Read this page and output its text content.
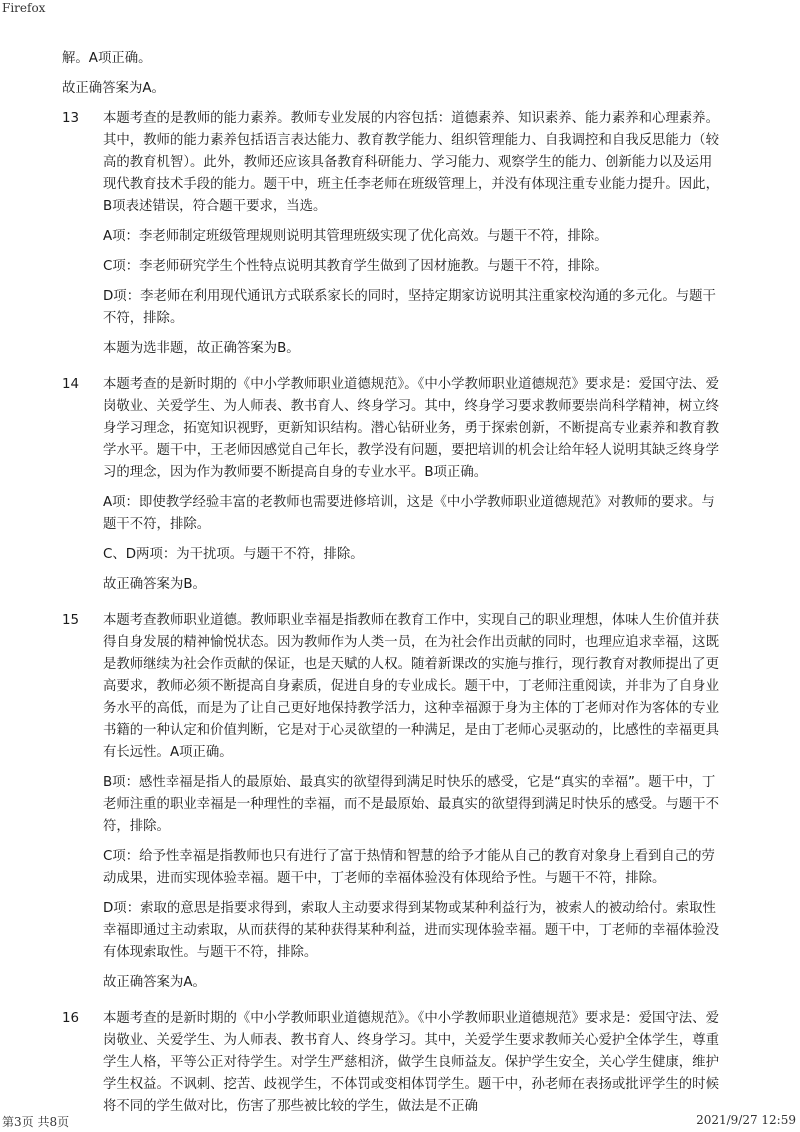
Firefox

解。A项正确。

故正确答案为A。

13	本题考查的是教师的能力素养。教师专业发展的内容包括：道德素养、知识素养、能力素养和心理素养。其中，教师的能力素养包括语言表达能力、教育教学能力、组织管理能力、自我调控和自我反思能力（较高的教育机智）。此外，教师还应该具备教育科研能力、学习能力、观察学生的能力、创新能力以及运用现代教育技术手段的能力。题干中，班主任李老师在班级管理上，并没有体现注重专业能力提升。因此，B项表述错误，符合题干要求，当选。

A项：李老师制定班级管理规则说明其管理班级实现了优化高效。与题干不符，排除。

C项：李老师研究学生个性特点说明其教育学生做到了因材施教。与题干不符，排除。

D项：李老师在利用现代通讯方式联系家长的同时，坚持定期家访说明其注重家校沟通的多元化。与题干不符，排除。

本题为选非题，故正确答案为B。

14	本题考查的是新时期的《中小学教师职业道德规范》。《中小学教师职业道德规范》要求是：爱国守法、爱岗敬业、关爱学生、为人师表、教书育人、终身学习。其中，终身学习要求教师要崇尚科学精神，树立终身学习理念，拓宽知识视野，更新知识结构。潜心钻研业务，勇于探索创新，不断提高专业素养和教育教学水平。题干中，王老师因感觉自己年长，教学没有问题，要把培训的机会让给年轻人说明其缺乏终身学习的理念，因为作为教师要不断提高自身的专业水平。B项正确。

A项：即使教学经验丰富的老教师也需要进修培训，这是《中小学教师职业道德规范》对教师的要求。与题干不符，排除。

C、D两项：为干扰项。与题干不符，排除。

故正确答案为B。

15	本题考查教师职业道德。教师职业幸福是指教师在教育工作中，实现自己的职业理想，体味人生价值并获得自身发展的精神愉悦状态。因为教师作为人类一员，在为社会作出贡献的同时，也理应追求幸福，这既是教师继续为社会作贡献的保证，也是天赋的人权。随着新课改的实施与推行，现行教育对教师提出了更高要求，教师必须不断提高自身素质，促进自身的专业成长。题干中，丁老师注重阅读，并非为了自身业务水平的高低，而是为了让自己更好地保持教学活力，这种幸福源于身为主体的丁老师对作为客体的专业书籍的一种认定和价值判断，它是对于心灵欲望的一种满足，是由丁老师心灵驱动的，比感性的幸福更具有长远性。A项正确。

B项：感性幸福是指人的最原始、最真实的欲望得到满足时快乐的感受，它是“真实的幸福”。题干中，丁老师注重的职业幸福是一种理性的幸福，而不是最原始、最真实的欲望得到满足时快乐的感受。与题干不符，排除。

C项：给予性幸福是指教师也只有进行了富于热情和智慧的给予才能从自己的教育对象身上看到自己的劳动成果，进而实现体验幸福。题干中，丁老师的幸福体验没有体现给予性。与题干不符，排除。

D项：索取的意思是指要求得到，索取人主动要求得到某物或某种利益行为，被索人的被动给付。索取性幸福即通过主动索取，从而获得的某种获得某种利益，进而实现体验幸福。题干中，丁老师的幸福体验没有体现索取性。与题干不符，排除。

故正确答案为A。

16	本题考查的是新时期的《中小学教师职业道德规范》。《中小学教师职业道德规范》要求是：爱国守法、爱岗敬业、关爱学生、为人师表、教书育人、终身学习。其中，关爱学生要求教师关心爱护全体学生，尊重学生人格，平等公正对待学生。对学生严慈相济，做学生良师益友。保护学生安全，关心学生健康，维护学生权益。不讽刺、挖苦、歧视学生，不体罚或变相体罚学生。题干中，孙老师在表扬或批评学生的时候将不同的学生做对比，伤害了那些被比较的学生，做法是不正确

第3页 共8页	2021/9/27 12:59
